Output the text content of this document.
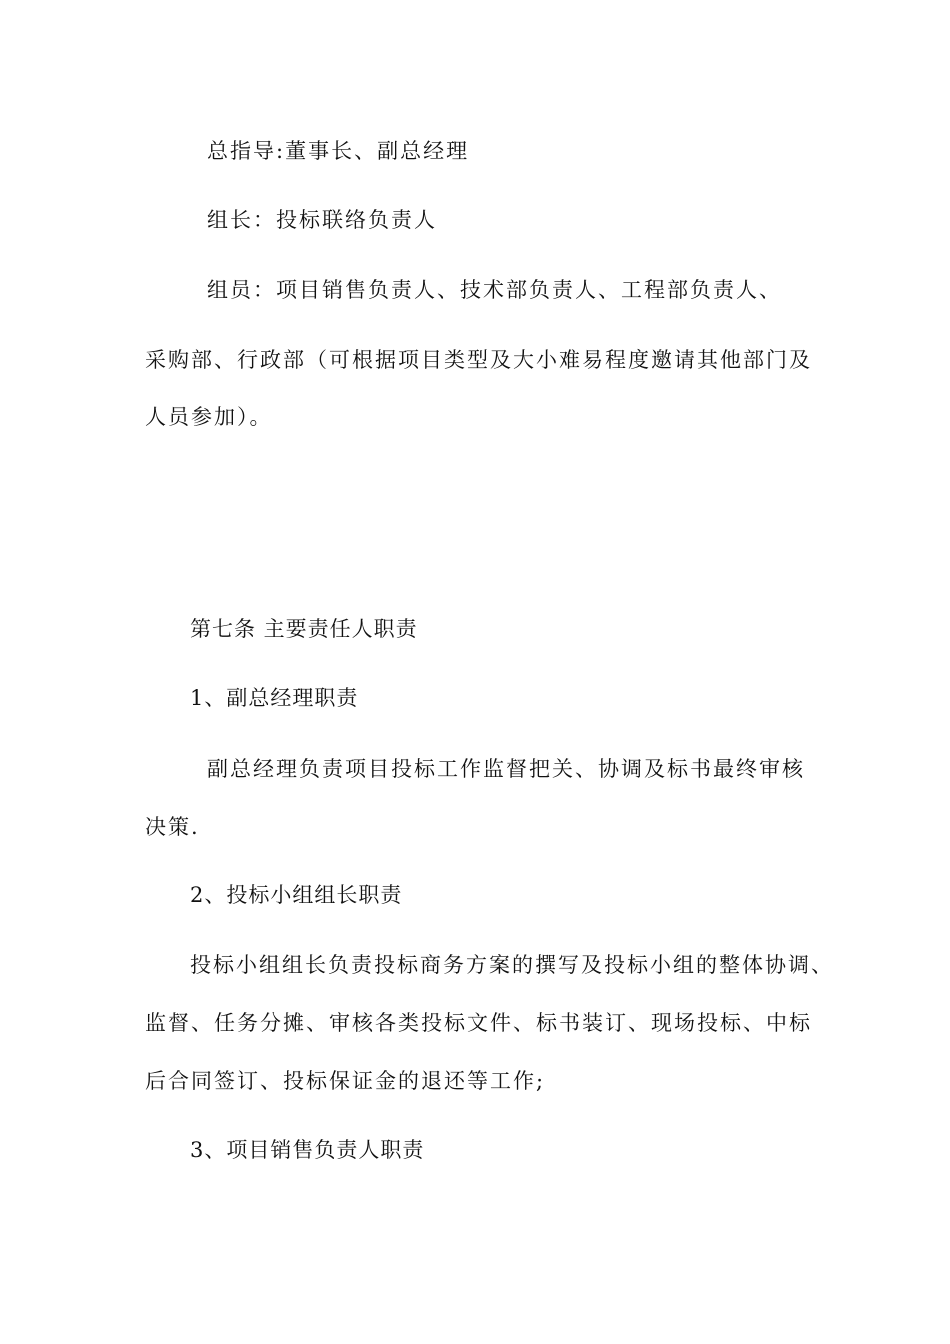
总指导:董事长、副总经理

组长：投标联络负责人

组员：项目销售负责人、技术部负责人、工程部负责人、

采购部、行政部（可根据项目类型及大小难易程度邀请其他部门及

人员参加）。

第七条 主要责任人职责

1、副总经理职责

副总经理负责项目投标工作监督把关、协调及标书最终审核

决策.

2、投标小组组长职责

投标小组组长负责投标商务方案的撰写及投标小组的整体协调、

监督、任务分摊、审核各类投标文件、标书装订、现场投标、中标

后合同签订、投标保证金的退还等工作;

3、项目销售负责人职责
